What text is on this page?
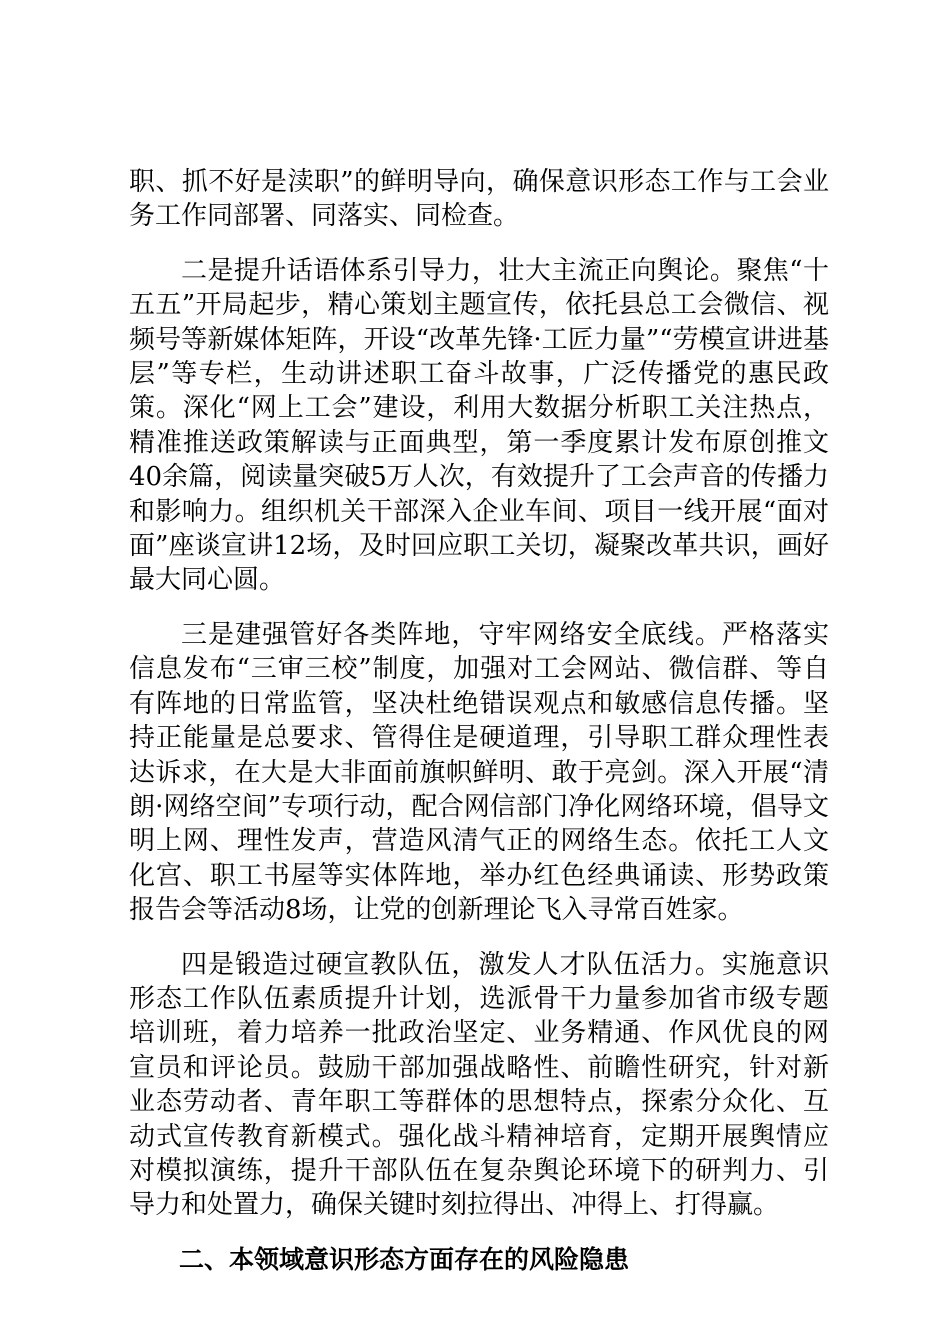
职、抓不好是渎职”的鲜明导向，确保意识形态工作与工会业务工作同部署、同落实、同检查。

二是提升话语体系引导力，壮大主流正向舆论。聚焦“十五五”开局起步，精心策划主题宣传，依托县总工会微信、视频号等新媒体矩阵，开设“改革先锋·工匠力量”“劳模宣讲进基层”等专栏，生动讲述职工奋斗故事，广泛传播党的惠民政策。深化“网上工会”建设，利用大数据分析职工关注热点，精准推送政策解读与正面典型，第一季度累计发布原创推文40余篇，阅读量突破5万人次，有效提升了工会声音的传播力和影响力。组织机关干部深入企业车间、项目一线开展“面对面”座谈宣讲12场，及时回应职工关切，凝聚改革共识，画好最大同心圆。

三是建强管好各类阵地，守牢网络安全底线。严格落实信息发布“三审三校”制度，加强对工会网站、微信群、等自有阵地的日常监管，坚决杜绝错误观点和敏感信息传播。坚持正能量是总要求、管得住是硬道理，引导职工群众理性表达诉求，在大是大非面前旗帜鲜明、敢于亮剑。深入开展“清朗·网络空间”专项行动，配合网信部门净化网络环境，倡导文明上网、理性发声，营造风清气正的网络生态。依托工人文化宫、职工书屋等实体阵地，举办红色经典诵读、形势政策报告会等活动8场，让党的创新理论飞入寻常百姓家。

四是锻造过硬宣教队伍，激发人才队伍活力。实施意识形态工作队伍素质提升计划，选派骨干力量参加省市级专题培训班，着力培养一批政治坚定、业务精通、作风优良的网宣员和评论员。鼓励干部加强战略性、前瞻性研究，针对新业态劳动者、青年职工等群体的思想特点，探索分众化、互动式宣传教育新模式。强化战斗精神培育，定期开展舆情应对模拟演练，提升干部队伍在复杂舆论环境下的研判力、引导力和处置力，确保关键时刻拉得出、冲得上、打得赢。

二、本领域意识形态方面存在的风险隐患
